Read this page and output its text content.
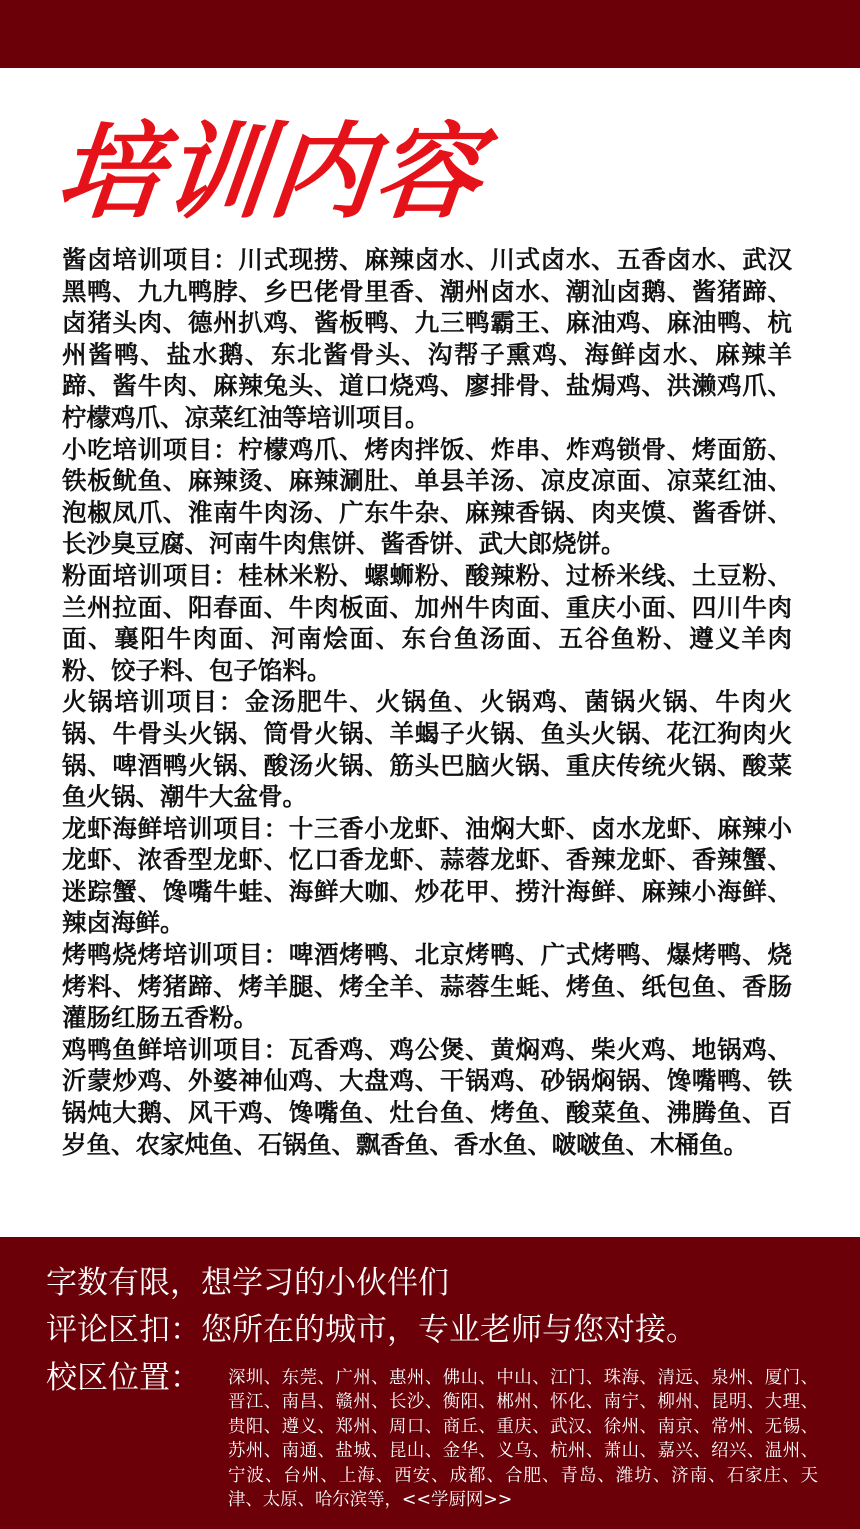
培训内容

酱卤培训项目：川式现捞、麻辣卤水、川式卤水、五香卤水、武汉黑鸭、九九鸭脖、乡巴佬骨里香、潮州卤水、潮汕卤鹅、酱猪蹄、卤猪头肉、德州扒鸡、酱板鸭、九三鸭霸王、麻油鸡、麻油鸭、杭州酱鸭、盐水鹅、东北酱骨头、沟帮子熏鸡、海鲜卤水、麻辣羊蹄、酱牛肉、麻辣兔头、道口烧鸡、廖排骨、盐焗鸡、洪濑鸡爪、柠檬鸡爪、凉菜红油等培训项目。

小吃培训项目：柠檬鸡爪、烤肉拌饭、炸串、炸鸡锁骨、烤面筋、铁板鱿鱼、麻辣烫、麻辣涮肚、单县羊汤、凉皮凉面、凉菜红油、泡椒凤爪、淮南牛肉汤、广东牛杂、麻辣香锅、肉夹馍、酱香饼、长沙臭豆腐、河南牛肉焦饼、酱香饼、武大郎烧饼。

粉面培训项目：桂林米粉、螺蛳粉、酸辣粉、过桥米线、土豆粉、兰州拉面、阳春面、牛肉板面、加州牛肉面、重庆小面、四川牛肉面、襄阳牛肉面、河南烩面、东台鱼汤面、五谷鱼粉、遵义羊肉粉、饺子料、包子馅料。

火锅培训项目：金汤肥牛、火锅鱼、火锅鸡、菌锅火锅、牛肉火锅、牛骨头火锅、筒骨火锅、羊蝎子火锅、鱼头火锅、花江狗肉火锅、啤酒鸭火锅、酸汤火锅、筋头巴脑火锅、重庆传统火锅、酸菜鱼火锅、潮牛大盆骨。

龙虾海鲜培训项目：十三香小龙虾、油焖大虾、卤水龙虾、麻辣小龙虾、浓香型龙虾、忆口香龙虾、蒜蓉龙虾、香辣龙虾、香辣蟹、迷踪蟹、馋嘴牛蛙、海鲜大咖、炒花甲、捞汁海鲜、麻辣小海鲜、辣卤海鲜。

烤鸭烧烤培训项目：啤酒烤鸭、北京烤鸭、广式烤鸭、爆烤鸭、烧烤料、烤猪蹄、烤羊腿、烤全羊、蒜蓉生蚝、烤鱼、纸包鱼、香肠灌肠红肠五香粉。

鸡鸭鱼鲜培训项目：瓦香鸡、鸡公煲、黄焖鸡、柴火鸡、地锅鸡、沂蒙炒鸡、外婆神仙鸡、大盘鸡、干锅鸡、砂锅焖锅、馋嘴鸭、铁锅炖大鹅、风干鸡、馋嘴鱼、灶台鱼、烤鱼、酸菜鱼、沸腾鱼、百岁鱼、农家炖鱼、石锅鱼、飘香鱼、香水鱼、啵啵鱼、木桶鱼。

字数有限，想学习的小伙伴们
评论区扣：您所在的城市，专业老师与您对接。
校区位置： 深圳、东莞、广州、惠州、佛山、中山、江门、珠海、清远、泉州、厦门、晋江、南昌、赣州、长沙、衡阳、郴州、怀化、南宁、柳州、昆明、大理、贵阳、遵义、郑州、周口、商丘、重庆、武汉、徐州、南京、常州、无锡、苏州、南通、盐城、昆山、金华、义乌、杭州、萧山、嘉兴、绍兴、温州、宁波、台州、上海、西安、成都、合肥、青岛、潍坊、济南、石家庄、天津、太原、哈尔滨等，<<学厨网>>
